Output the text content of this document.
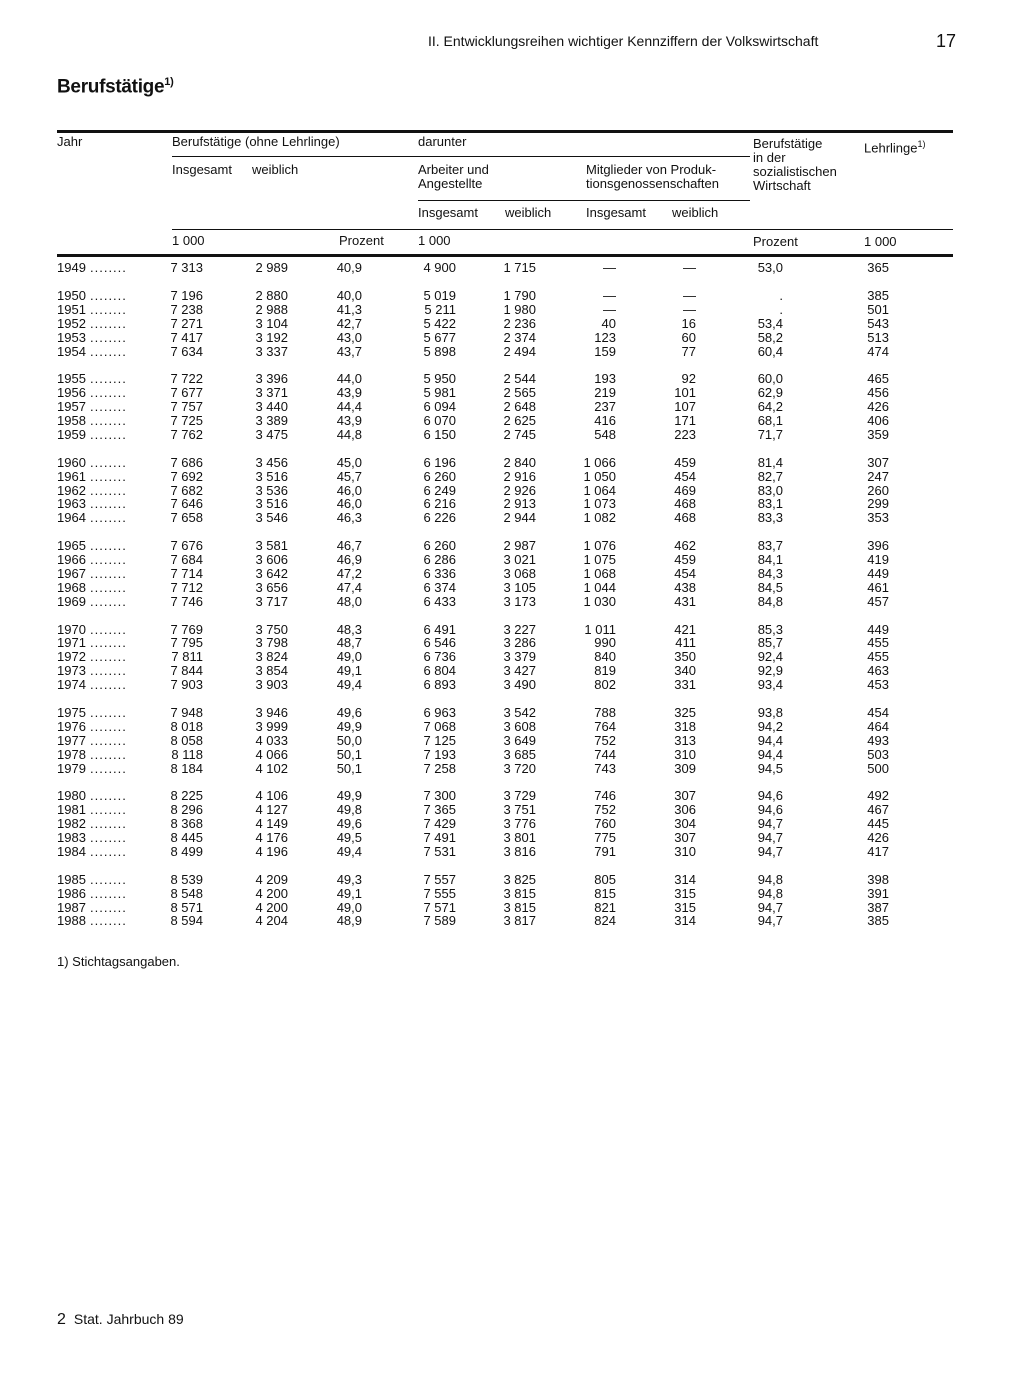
II. Entwicklungsreihen wichtiger Kennziffern der Volkswirtschaft	17
Berufstätige$^{1)}$
Jahr	Berufstätige (ohne Lehrlinge)	darunter	Berufstätige
in der
sozialistischen
Wirtschaft
Lehrlinge$^{1)}$
Insgesamt weiblich	Arbeiter und
Angestellte
Mitglieder von Produk-
tionsgenossenschaften
Insgesamt weiblich	Insgesamt weiblich
1 000	Prozent	1 000	Prozent	1 000
1949 ........	7 313	2 989	40,9	4 900	1 715	—	—	53,0	365
1950 ........	7 196	2 880	40,0	5 019	1 790	—	—	.	385
1951 ........	7 238	2 988	41,3	5 211	1 980	—	—	.	501
1952 ........	7 271	3 104	42,7	5 422	2 236	40	16	53,4	543
1953 ........	7 417	3 192	43,0	5 677	2 374	123	60	58,2	513
1954 ........	7 634	3 337	43,7	5 898	2 494	159	77	60,4	474
1955 ........	7 722	3 396	44,0	5 950	2 544	193	92	60,0	465
1956 ........	7 677	3 371	43,9	5 981	2 565	219	101	62,9	456
1957 ........	7 757	3 440	44,4	6 094	2 648	237	107	64,2	426
1958 ........	7 725	3 389	43,9	6 070	2 625	416	171	68,1	406
1959 ........	7 762	3 475	44,8	6 150	2 745	548	223	71,7	359
1960 ........	7 686	3 456	45,0	6 196	2 840	1 066	459	81,4	307
1961 ........	7 692	3 516	45,7	6 260	2 916	1 050	454	82,7	247
1962 ........	7 682	3 536	46,0	6 249	2 926	1 064	469	83,0	260
1963 ........	7 646	3 516	46,0	6 216	2 913	1 073	468	83,1	299
1964 ........	7 658	3 546	46,3	6 226	2 944	1 082	468	83,3	353
1965 ........	7 676	3 581	46,7	6 260	2 987	1 076	462	83,7	396
1966 ........	7 684	3 606	46,9	6 286	3 021	1 075	459	84,1	419
1967 ........	7 714	3 642	47,2	6 336	3 068	1 068	454	84,3	449
1968 ........	7 712	3 656	47,4	6 374	3 105	1 044	438	84,5	461
1969 ........	7 746	3 717	48,0	6 433	3 173	1 030	431	84,8	457
1970 ........	7 769	3 750	48,3	6 491	3 227	1 011	421	85,3	449
1971 ........	7 795	3 798	48,7	6 546	3 286	990	411	85,7	455
1972 ........	7 811	3 824	49,0	6 736	3 379	840	350	92,4	455
1973 ........	7 844	3 854	49,1	6 804	3 427	819	340	92,9	463
1974 ........	7 903	3 903	49,4	6 893	3 490	802	331	93,4	453
1975 ........	7 948	3 946	49,6	6 963	3 542	788	325	93,8	454
1976 ........	8 018	3 999	49,9	7 068	3 608	764	318	94,2	464
1977 ........	8 058	4 033	50,0	7 125	3 649	752	313	94,4	493
1978 ........	8 118	4 066	50,1	7 193	3 685	744	310	94,4	503
1979 ........	8 184	4 102	50,1	7 258	3 720	743	309	94,5	500
1980 ........	8 225	4 106	49,9	7 300	3 729	746	307	94,6	492
1981 ........	8 296	4 127	49,8	7 365	3 751	752	306	94,6	467
1982 ........	8 368	4 149	49,6	7 429	3 776	760	304	94,7	445
1983 ........	8 445	4 176	49,5	7 491	3 801	775	307	94,7	426
1984 ........	8 499	4 196	49,4	7 531	3 816	791	310	94,7	417
1985 ........	8 539	4 209	49,3	7 557	3 825	805	314	94,8	398
1986 ........	8 548	4 200	49,1	7 555	3 815	815	315	94,8	391
1987 ........	8 571	4 200	49,0	7 571	3 815	821	315	94,7	387
1988 ........	8 594	4 204	48,9	7 589	3 817	824	314	94,7	385
1) Stichtagsangaben.
2 Stat. Jahrbuch 89
